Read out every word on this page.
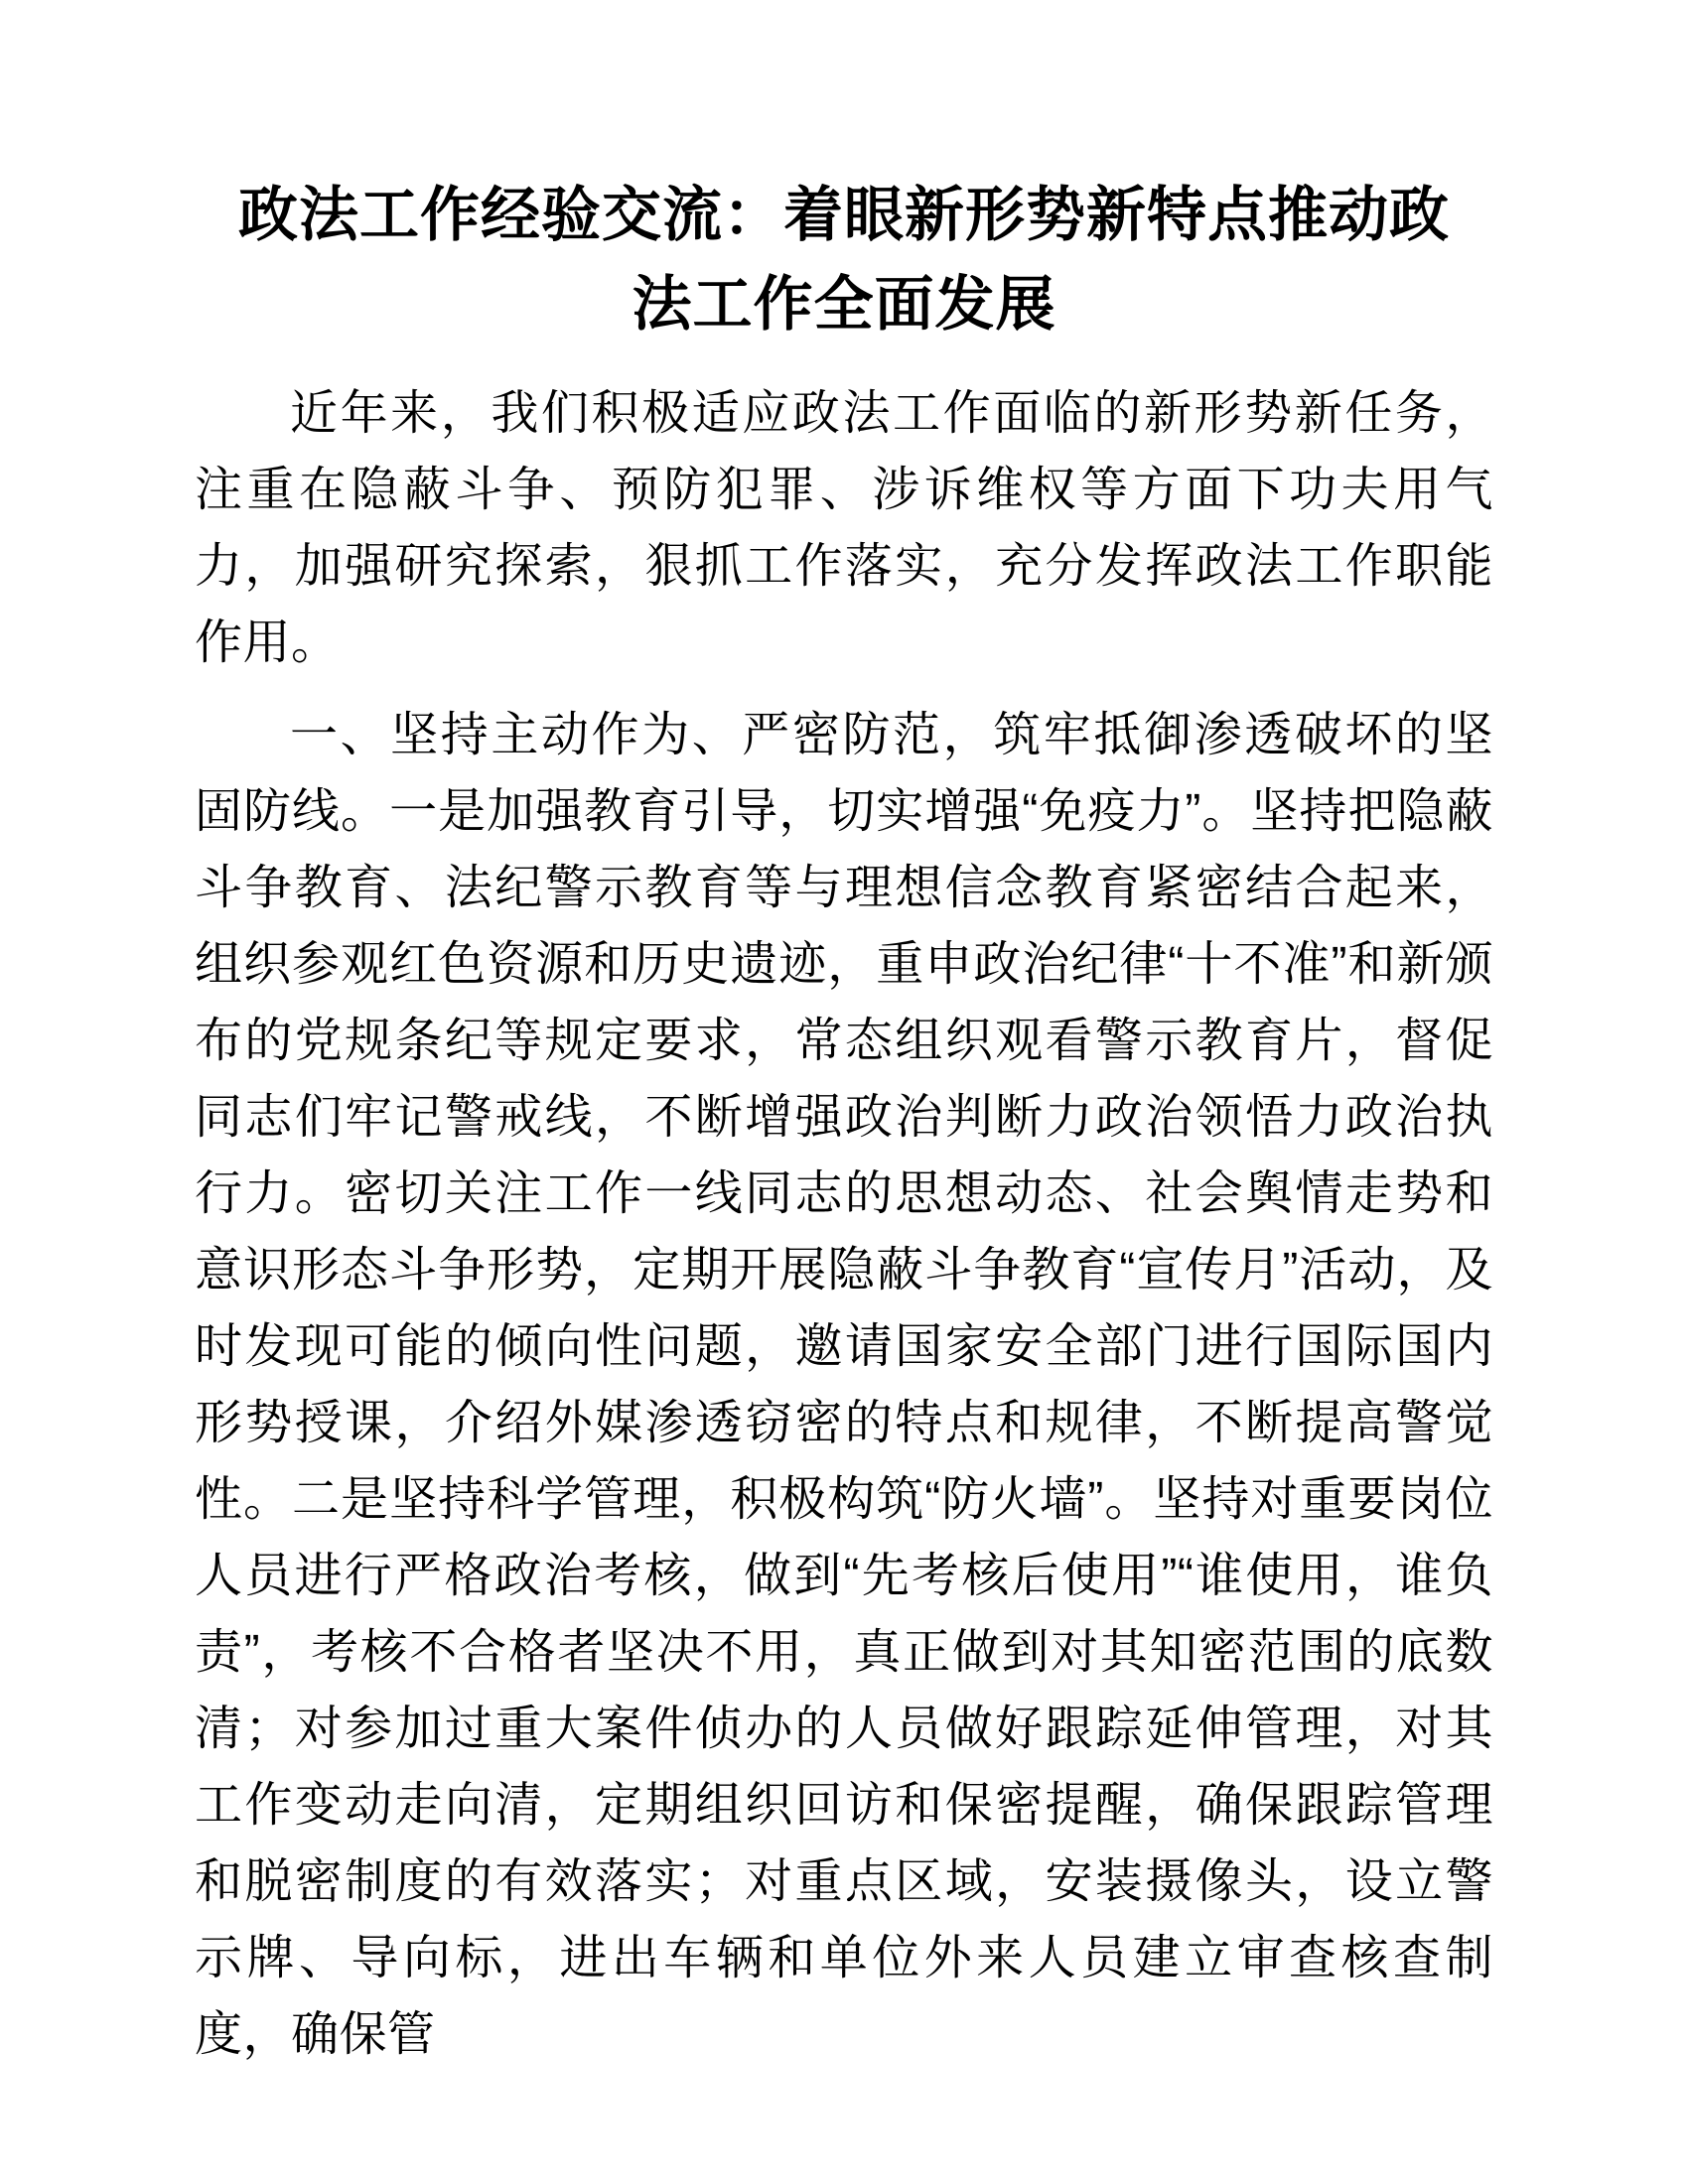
政法工作经验交流：着眼新形势新特点推动政法工作全面发展

近年来，我们积极适应政法工作面临的新形势新任务，注重在隐蔽斗争、预防犯罪、涉诉维权等方面下功夫用气力，加强研究探索，狠抓工作落实，充分发挥政法工作职能作用。

一、坚持主动作为、严密防范，筑牢抵御渗透破坏的坚固防线。一是加强教育引导，切实增强“免疫力”。坚持把隐蔽斗争教育、法纪警示教育等与理想信念教育紧密结合起来，组织参观红色资源和历史遗迹，重申政治纪律“十不准”和新颁布的党规条纪等规定要求，常态组织观看警示教育片，督促同志们牢记警戒线，不断增强政治判断力政治领悟力政治执行力。密切关注工作一线同志的思想动态、社会舆情走势和意识形态斗争形势，定期开展隐蔽斗争教育“宣传月”活动，及时发现可能的倾向性问题，邀请国家安全部门进行国际国内形势授课，介绍外媒渗透窃密的特点和规律，不断提高警觉性。二是坚持科学管理，积极构筑“防火墙”。坚持对重要岗位人员进行严格政治考核，做到“先考核后使用”“谁使用，谁负责”，考核不合格者坚决不用，真正做到对其知密范围的底数清；对参加过重大案件侦办的人员做好跟踪延伸管理，对其工作变动走向清，定期组织回访和保密提醒，确保跟踪管理和脱密制度的有效落实；对重点区域，安装摄像头，设立警示牌、导向标，进出车辆和单位外来人员建立审查核查制度，确保管
